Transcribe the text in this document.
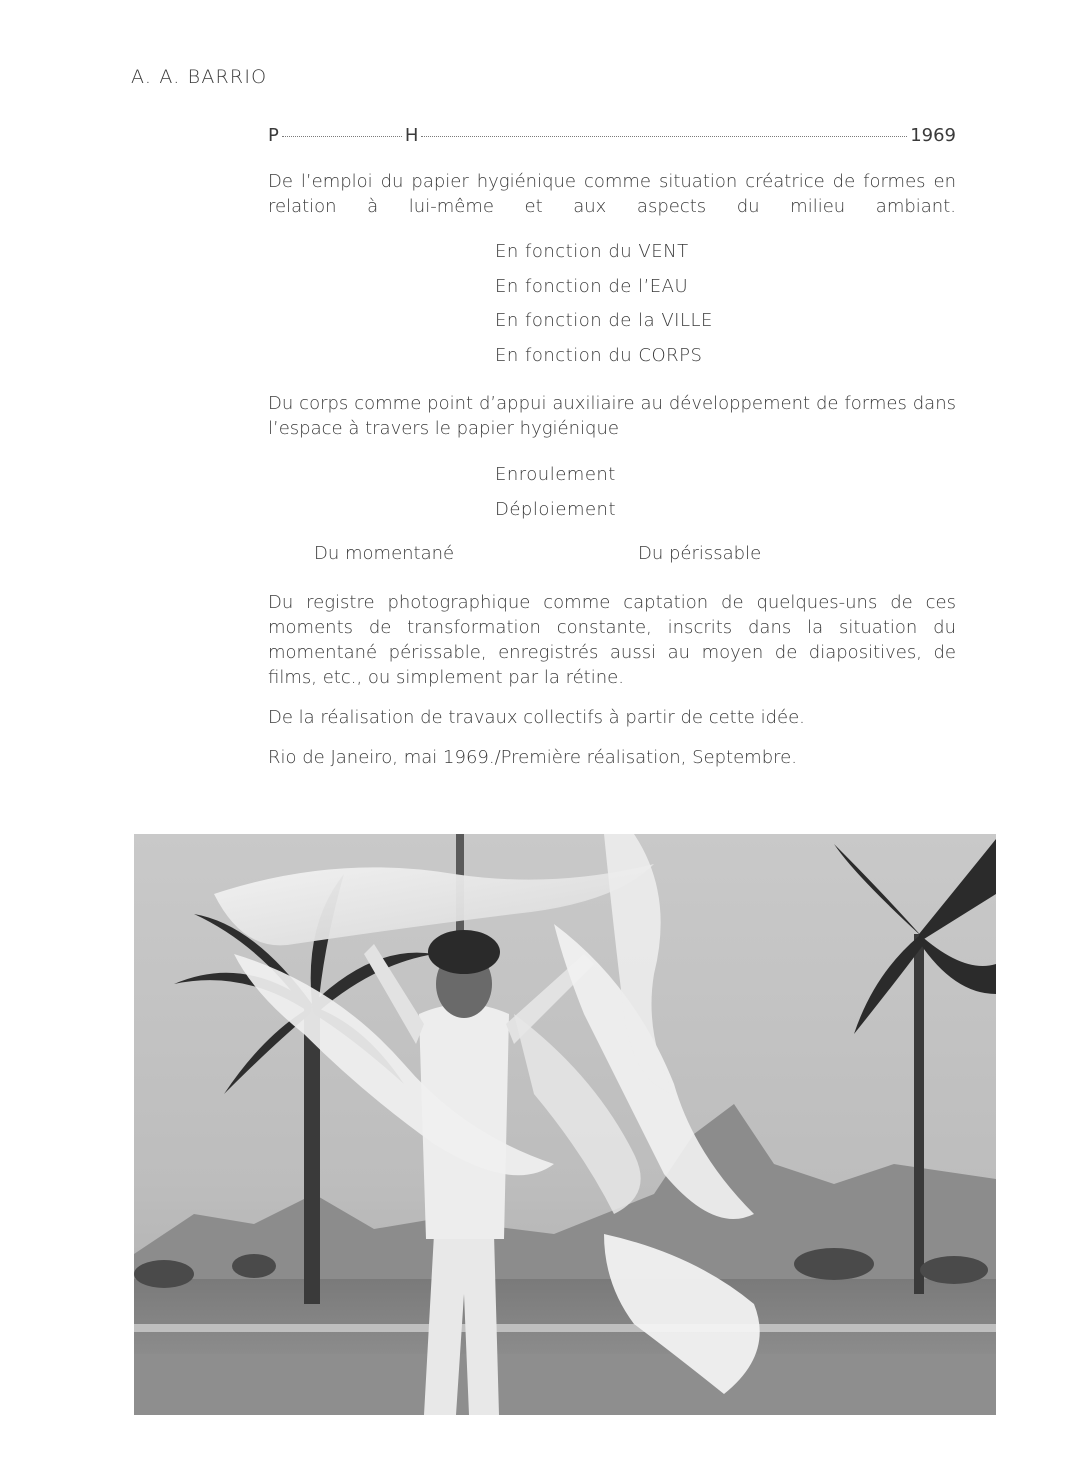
A. A. BARRIO
P	H	1969
De l’emploi du papier hygiénique comme situation créatrice de formes en relation à lui-même et aux aspects du milieu ambiant.
En fonction du VENT
En fonction de l’EAU
En fonction de la VILLE
En fonction du CORPS
Du corps comme point d’appui auxiliaire au développement de formes dans l’espace à travers le papier hygiénique
Enroulement
Déploiement
Du momentané	Du périssable
Du registre photographique comme captation de quelques-uns de ces moments de transformation constante, inscrits dans la situation du momentané périssable, enregistrés aussi au moyen de diapositives, de films, etc., ou simplement par la rétine.
De la réalisation de travaux collectifs à partir de cette idée.
Rio de Janeiro, mai 1969./Première réalisation, Septembre.
